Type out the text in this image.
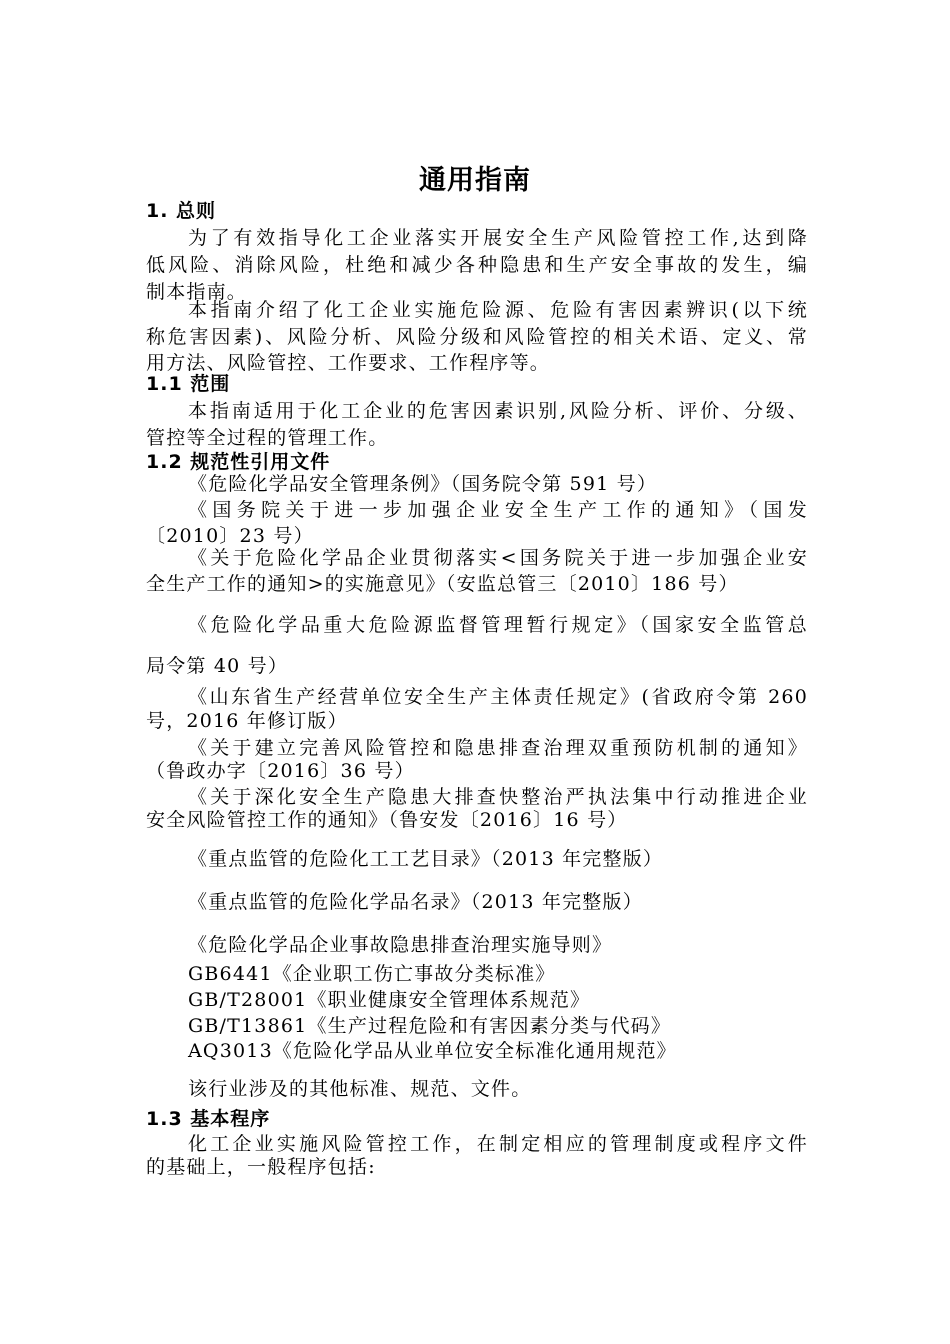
通用指南
1. 总则
为了有效指导化工企业落实开展安全生产风险管控工作,达到降
低风险、消除风险，杜绝和减少各种隐患和生产安全事故的发生，编
制本指南。
本指南介绍了化工企业实施危险源、危险有害因素辨识(以下统
称危害因素)、风险分析、风险分级和风险管控的相关术语、定义、常
用方法、风险管控、工作要求、工作程序等。
1.1 范围
本指南适用于化工企业的危害因素识别,风险分析、评价、分级、
管控等全过程的管理工作。
1.2 规范性引用文件
《危险化学品安全管理条例》（国务院令第 591 号）
《国务院关于进一步加强企业安全生产工作的通知》（国发
〔2010〕23 号）
《关于危险化学品企业贯彻落实<国务院关于进一步加强企业安
全生产工作的通知>的实施意见》（安监总管三〔2010〕186 号）
《危险化学品重大危险源监督管理暂行规定》（国家安全监管总
局令第 40 号）
《山东省生产经营单位安全生产主体责任规定》(省政府令第 260
号，2016 年修订版）
《关于建立完善风险管控和隐患排查治理双重预防机制的通知》
（鲁政办字〔2016〕36 号）
《关于深化安全生产隐患大排查快整治严执法集中行动推进企业
安全风险管控工作的通知》（鲁安发〔2016〕16 号）
《重点监管的危险化工工艺目录》（2013 年完整版）
《重点监管的危险化学品名录》（2013 年完整版）
《危险化学品企业事故隐患排查治理实施导则》
GB6441《企业职工伤亡事故分类标准》
GB/T28001《职业健康安全管理体系规范》
GB/T13861《生产过程危险和有害因素分类与代码》
AQ3013《危险化学品从业单位安全标准化通用规范》
该行业涉及的其他标准、规范、文件。
1.3 基本程序
化工企业实施风险管控工作，在制定相应的管理制度或程序文件
的基础上，一般程序包括:
